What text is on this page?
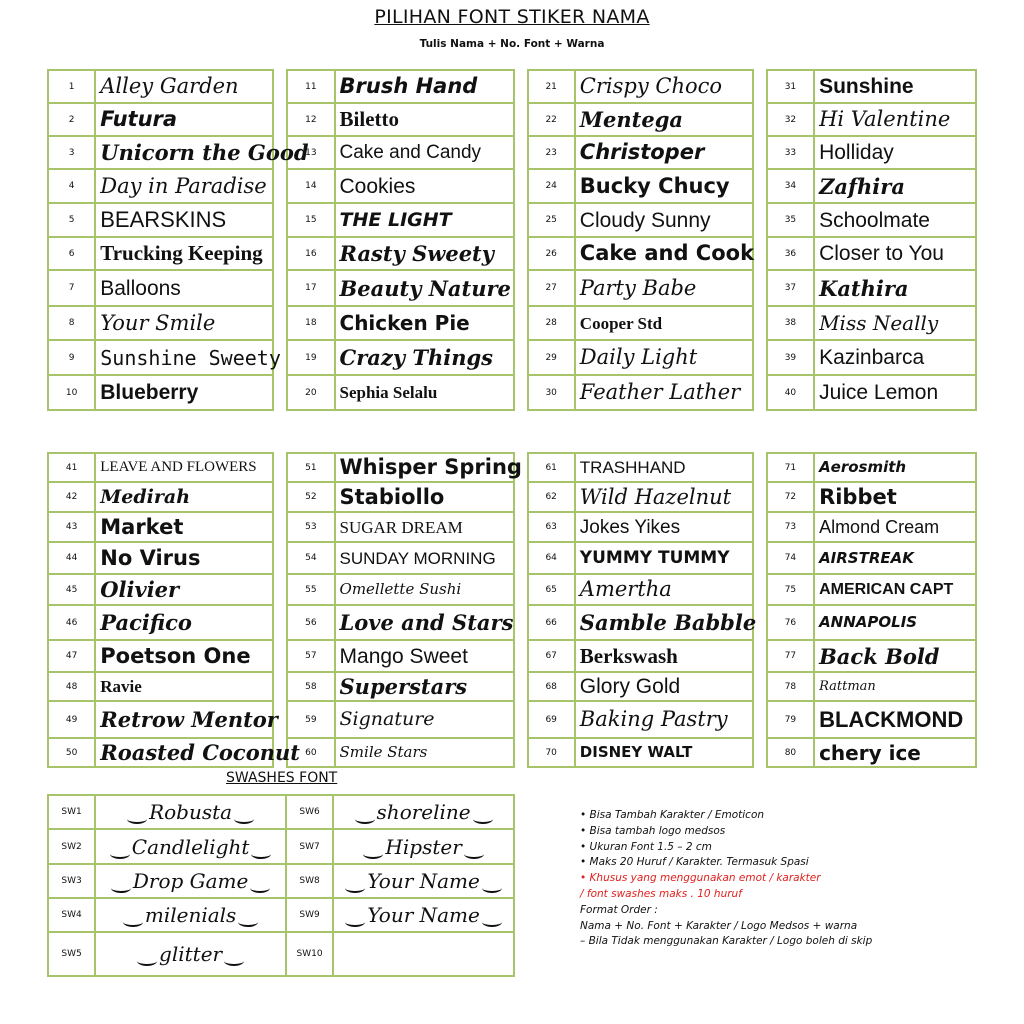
PILIHAN FONT STIKER NAMA
Tulis Nama + No. Font + Warna
1	Alley Garden		11	Brush Hand		21	Crispy Choco		31	Sunshine
2	Futura		12	Biletto		22	Mentega		32	Hi Valentine
3	Unicorn the Good		13	Cake and Candy		23	Christoper		33	Holliday
4	Day in Paradise		14	Cookies		24	Bucky Chucy		34	Zafhira
5	BEARSKINS		15	THE LIGHT		25	Cloudy Sunny		35	Schoolmate
6	Trucking Keeping		16	Rasty Sweety		26	Cake and Cook		36	Closer to You
7	Balloons		17	Beauty Nature		27	Party Babe		37	Kathira
8	Your Smile		18	Chicken Pie		28	Cooper Std		38	Miss Neally
9	Sunshine Sweety		19	Crazy Things		29	Daily Light		39	Kazinbarca
10	Blueberry		20	Sephia Selalu		30	Feather Lather		40	Juice Lemon
41	LEAVE AND FLOWERS		51	Whisper Spring		61	TRASHHAND		71	Aerosmith
42	Medirah		52	Stabiollo		62	Wild Hazelnut		72	Ribbet
43	Market		53	SUGAR DREAM		63	Jokes Yikes		73	Almond Cream
44	No Virus		54	SUNDAY MORNING		64	YUMMY TUMMY		74	AIRSTREAK
45	Olivier		55	Omellette Sushi		65	Amertha		75	AMERICAN CAPT
46	Pacifico		56	Love and Stars		66	Samble Babble		76	ANNAPOLIS
47	Poetson One		57	Mango Sweet		67	Berkswash		77	Back Bold
48	Ravie		58	Superstars		68	Glory Gold		78	Rattman
49	Retrow Mentor		59	Signature		69	Baking Pastry		79	BLACKMOND
50	Roasted Coconut		60	Smile Stars		70	DISNEY WALT		80	chery ice
SWASHES FONT
SW1	Robusta	SW6	shoreline
SW2	Candlelight	SW7	Hipster
SW3	Drop Game	SW8	Your Name
SW4	milenials	SW9	Your Name
SW5	glitter	SW10	
• Bisa Tambah Karakter / Emoticon
• Bisa tambah logo medsos
• Ukuran Font 1.5 – 2 cm
• Maks 20 Huruf / Karakter. Termasuk Spasi
• Khusus yang menggunakan emot / karakter
/ font swashes maks . 10 huruf
Format Order :
Nama + No. Font + Karakter / Logo Medsos + warna
– Bila Tidak menggunakan Karakter / Logo boleh di skip
